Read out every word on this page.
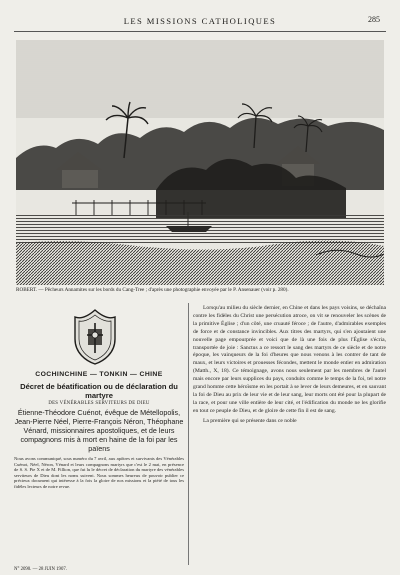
LES MISSIONS CATHOLIQUES	285
ROBERT. — Pêcheurs Annamites sur les bords du Cang-Tree ; d'après une photographie envoyée par le P. Ansenauer (voir p. 280).
COCHINCHINE — TONKIN — CHINE
Décret de béatification ou de déclaration du martyre
DES VÉNÉRABLES SERVITEURS DE DIEU
Étienne-Théodore Cuénot, évêque de Métellopolis, Jean-Pierre Néel, Pierre-François Néron, Théophane Vénard, missionnaires apostoliques, et de leurs compagnons mis à mort en haine de la foi par les païens
Nous avons communiqué, sous numéro du 7 avril, aux apôtres et survivants des Vénérables Cuénot, Néel, Néron, Vénard et leurs compagnons martyrs que c'est le 2 mai, en présence de S. S. Pie X et de M. Fillion, que fut lu le décret de déclaration du martyre des vénérables serviteurs de Dieu dont les noms suivent. Nous sommes heureux de pouvoir publier ce précieux document qui intéresse à la fois la gloire de nos missions et la piété de tous les fidèles lecteurs de notre revue.
N° 2090. — 28 JUIN 1907.

Lorsqu'au milieu du siècle dernier, en Chine et dans les pays voisins, se déchaîna contre les fidèles du Christ une persécution atroce, on vit se renouveler les scènes de la primitive Église ; d'un côté, une cruauté féroce ; de l'autre, d'admirables exemples de force et de constance invincibles. Aux titres des martyrs, qui s'en ajoutaient une nouvelle page empourprée et voici que de là une fois de plus l'Église s'écria, transportée de joie : Sanctus a ce ressort le sang des martyrs de ce siècle et de notre époque, les vainqueurs de la foi d'heures que nous venons à les contrer de tant de maux, et leurs victoires et prouesses fécondes, mettent le monde entier en admiration (Matth., X, 18). Ce témoignage, avons nous seulement par les membres de l'autel mais encore par leurs supplices du pays, conduits comme le temps de la foi, tel notre grand homme cette héroïsme en les portait à se lever de leurs demeures, et en sauvant la foi de Dieu au prix de leur vie et de leur sang, leur morts ont été pour la plupart de la race, et pour une ville entière de leur cité, et l'édification du monde ne les glorifie en tout ce peuple de Dieu, et de gloire de cette fin il est de sang.

La première qui se présente dans ce noble
